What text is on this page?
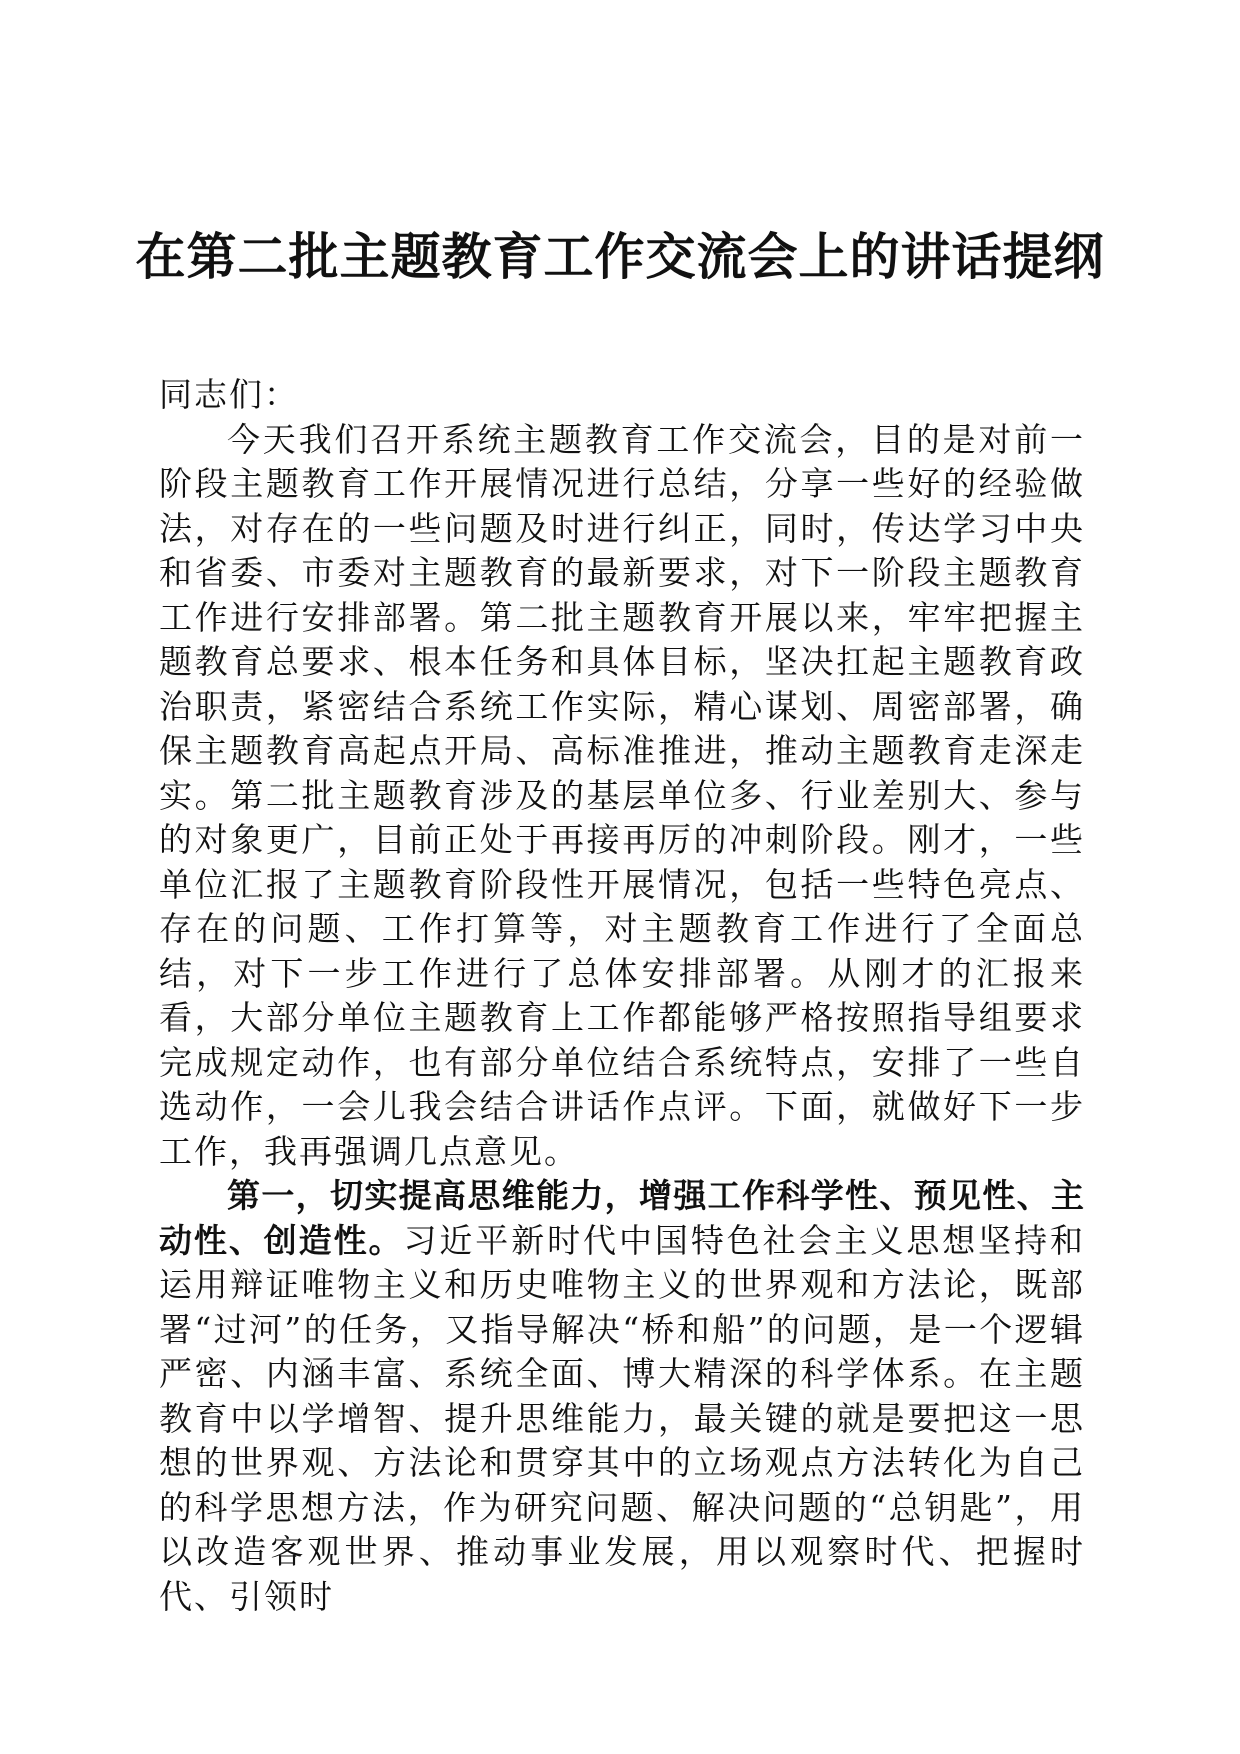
在第二批主题教育工作交流会上的讲话提纲

同志们：

今天我们召开系统主题教育工作交流会，目的是对前一阶段主题教育工作开展情况进行总结，分享一些好的经验做法，对存在的一些问题及时进行纠正，同时，传达学习中央和省委、市委对主题教育的最新要求，对下一阶段主题教育工作进行安排部署。第二批主题教育开展以来，牢牢把握主题教育总要求、根本任务和具体目标，坚决扛起主题教育政治职责，紧密结合系统工作实际，精心谋划、周密部署，确保主题教育高起点开局、高标准推进，推动主题教育走深走实。第二批主题教育涉及的基层单位多、行业差别大、参与的对象更广，目前正处于再接再厉的冲刺阶段。刚才，一些单位汇报了主题教育阶段性开展情况，包括一些特色亮点、存在的问题、工作打算等，对主题教育工作进行了全面总结，对下一步工作进行了总体安排部署。从刚才的汇报来看，大部分单位主题教育上工作都能够严格按照指导组要求完成规定动作，也有部分单位结合系统特点，安排了一些自选动作，一会儿我会结合讲话作点评。下面，就做好下一步工作，我再强调几点意见。

第一，切实提高思维能力，增强工作科学性、预见性、主动性、创造性。习近平新时代中国特色社会主义思想坚持和运用辩证唯物主义和历史唯物主义的世界观和方法论，既部署“过河”的任务，又指导解决“桥和船”的问题，是一个逻辑严密、内涵丰富、系统全面、博大精深的科学体系。在主题教育中以学增智、提升思维能力，最关键的就是要把这一思想的世界观、方法论和贯穿其中的立场观点方法转化为自己的科学思想方法，作为研究问题、解决问题的“总钥匙”，用以改造客观世界、推动事业发展，用以观察时代、把握时代、引领时
